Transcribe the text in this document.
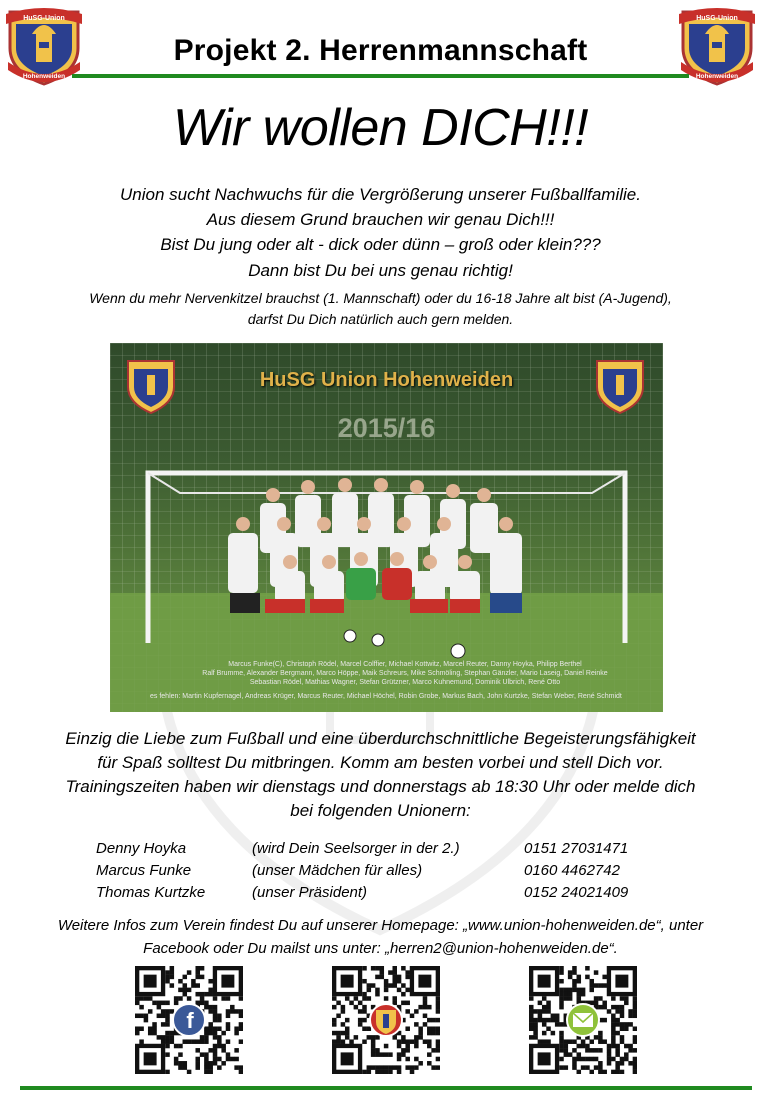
HuSG-Union
Hohenweiden
HuSG-Union
Hohenweiden
Projekt 2. Herrenmannschaft
Wir wollen DICH!!!
Union sucht Nachwuchs für die Vergrößerung unserer Fußballfamilie.
Aus diesem Grund brauchen wir genau Dich!!!
Bist Du jung oder alt - dick oder dünn – groß oder klein???
Dann bist Du bei uns genau richtig!
Wenn du mehr Nervenkitzel brauchst (1. Mannschaft) oder du 16-18 Jahre alt bist (A-Jugend),
darfst Du Dich natürlich auch gern melden.
HuSG Union Hohenweiden
2015/16
Marcus Funke(C), Christoph Rödel, Marcel Colffier, Michael Kottwitz, Marcel Reuter, Danny Hoyka, Philipp Berthel
Ralf Brumme, Alexander Bergmann, Marco Höppe, Maik Schreurs, Mike Schmöling, Stephan Gänzler, Mario Laseig, Daniel Reinke
Sebastian Rödel, Mathias Wagner, Stefan Grützner, Marco Kuhnemund, Dominik Ulbrich, René Otto
es fehlen: Martin Kupfernagel, Andreas Krüger, Marcus Reuter, Michael Höchel, Robin Grobe, Markus Bach, John Kurtzke, Stefan Weber, René Schmidt
Einzig die Liebe zum Fußball und eine überdurchschnittliche Begeisterungsfähigkeit
für Spaß solltest Du mitbringen. Komm am besten vorbei und stell Dich vor.
Trainingszeiten haben wir dienstags und donnerstags ab 18:30 Uhr oder melde dich
bei folgenden Unionern:
Denny Hoyka	(wird Dein Seelsorger in der 2.)	0151 27031471
Marcus Funke	(unser Mädchen für alles)	0160 4462742
Thomas Kurtzke	(unser Präsident)	0152 24021409
Weitere Infos zum Verein findest Du auf unserer Homepage: „www.union-hohenweiden.de“, unter
Facebook oder Du mailst uns unter: „herren2@union-hohenweiden.de“.
f
